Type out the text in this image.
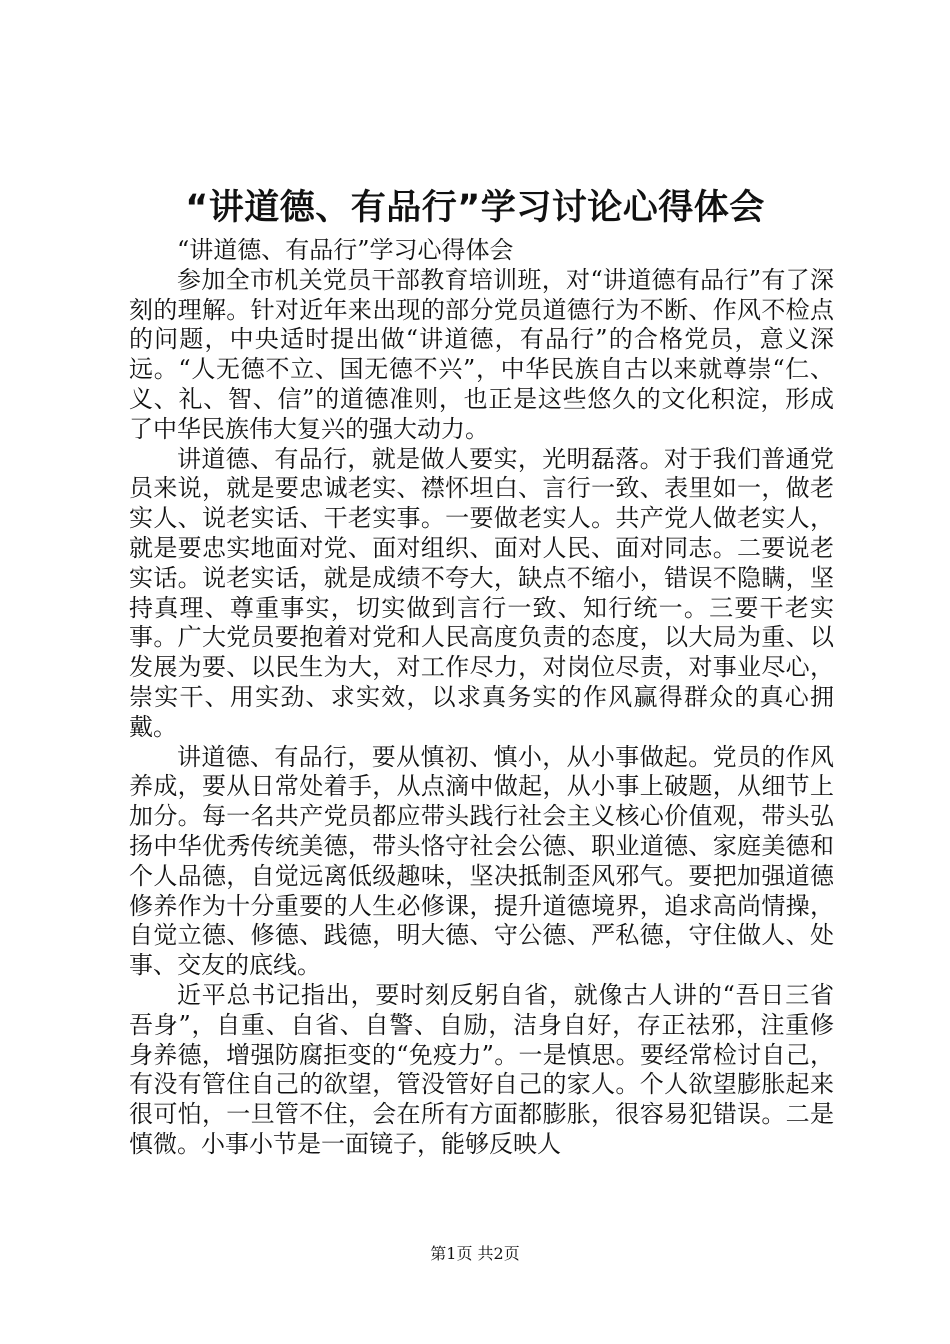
“讲道德、有品行”学习讨论心得体会

“讲道德、有品行”学习心得体会

参加全市机关党员干部教育培训班，对“讲道德有品行”有了深刻的理解。针对近年来出现的部分党员道德行为不断、作风不检点的问题，中央适时提出做“讲道德，有品行”的合格党员，意义深远。“人无德不立、国无德不兴”，中华民族自古以来就尊崇“仁、义、礼、智、信”的道德准则，也正是这些悠久的文化积淀，形成了中华民族伟大复兴的强大动力。

讲道德、有品行，就是做人要实，光明磊落。对于我们普通党员来说，就是要忠诚老实、襟怀坦白、言行一致、表里如一，做老实人、说老实话、干老实事。一要做老实人。共产党人做老实人，就是要忠实地面对党、面对组织、面对人民、面对同志。二要说老实话。说老实话，就是成绩不夸大，缺点不缩小，错误不隐瞒，坚持真理、尊重事实，切实做到言行一致、知行统一。三要干老实事。广大党员要抱着对党和人民高度负责的态度，以大局为重、以发展为要、以民生为大，对工作尽力，对岗位尽责，对事业尽心，崇实干、用实劲、求实效，以求真务实的作风赢得群众的真心拥戴。

讲道德、有品行，要从慎初、慎小，从小事做起。党员的作风养成，要从日常处着手，从点滴中做起，从小事上破题，从细节上加分。每一名共产党员都应带头践行社会主义核心价值观，带头弘扬中华优秀传统美德，带头恪守社会公德、职业道德、家庭美德和个人品德，自觉远离低级趣味，坚决抵制歪风邪气。要把加强道德修养作为十分重要的人生必修课，提升道德境界，追求高尚情操，自觉立德、修德、践德，明大德、守公德、严私德，守住做人、处事、交友的底线。

近平总书记指出，要时刻反躬自省，就像古人讲的“吾日三省吾身”，自重、自省、自警、自励，洁身自好，存正祛邪，注重修身养德，增强防腐拒变的“免疫力”。一是慎思。要经常检讨自己，有没有管住自己的欲望，管没管好自己的家人。个人欲望膨胀起来很可怕，一旦管不住，会在所有方面都膨胀，很容易犯错误。二是慎微。小事小节是一面镜子，能够反映人

第1页 共2页
